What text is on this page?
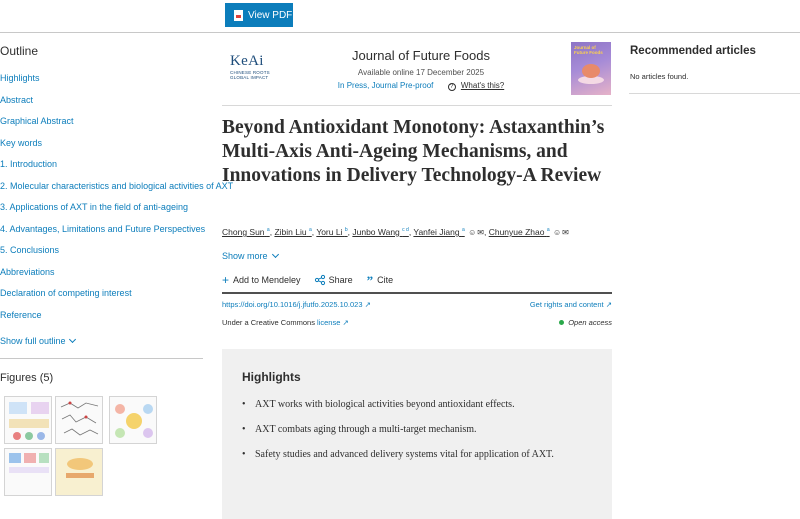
View PDF
Outline
Highlights
Abstract
Graphical Abstract
Key words
1. Introduction
2. Molecular characteristics and biological activities of AXT
3. Applications of AXT in the field of anti-ageing
4. Advantages, Limitations and Future Perspectives
5. Conclusions
Abbreviations
Declaration of competing interest
Reference
Show full outline
Figures (5)
KeAi
CHINESE ROOTS
GLOBAL IMPACT
Journal of Future Foods
Available online 17 December 2025
In Press, Journal Pre-proof	? What's this?
Journal of
Future Foods
Beyond Antioxidant Monotony: Astaxanthin’s Multi-Axis Anti-Ageing Mechanisms, and Innovations in Delivery Technology-A Review
Chong Sun $^a$, Zibin Liu $^a$, Yoru Li $^b$, Junbo Wang $^{c d}$, Yanfei Jiang $^a$ ☺✉, Chunyue Zhao $^a$ ☺✉
Show more
+ Add to Mendeley	Share ” Cite
https://doi.org/10.1016/j.jfutfo.2025.10.023 ↗	Get rights and content ↗
Under a Creative Commons license ↗	Open access
Highlights
• AXT works with biological activities beyond antioxidant effects.
• AXT combats aging through a multi-target mechanism.
• Safety studies and advanced delivery systems vital for application of AXT.
Recommended articles
No articles found.
